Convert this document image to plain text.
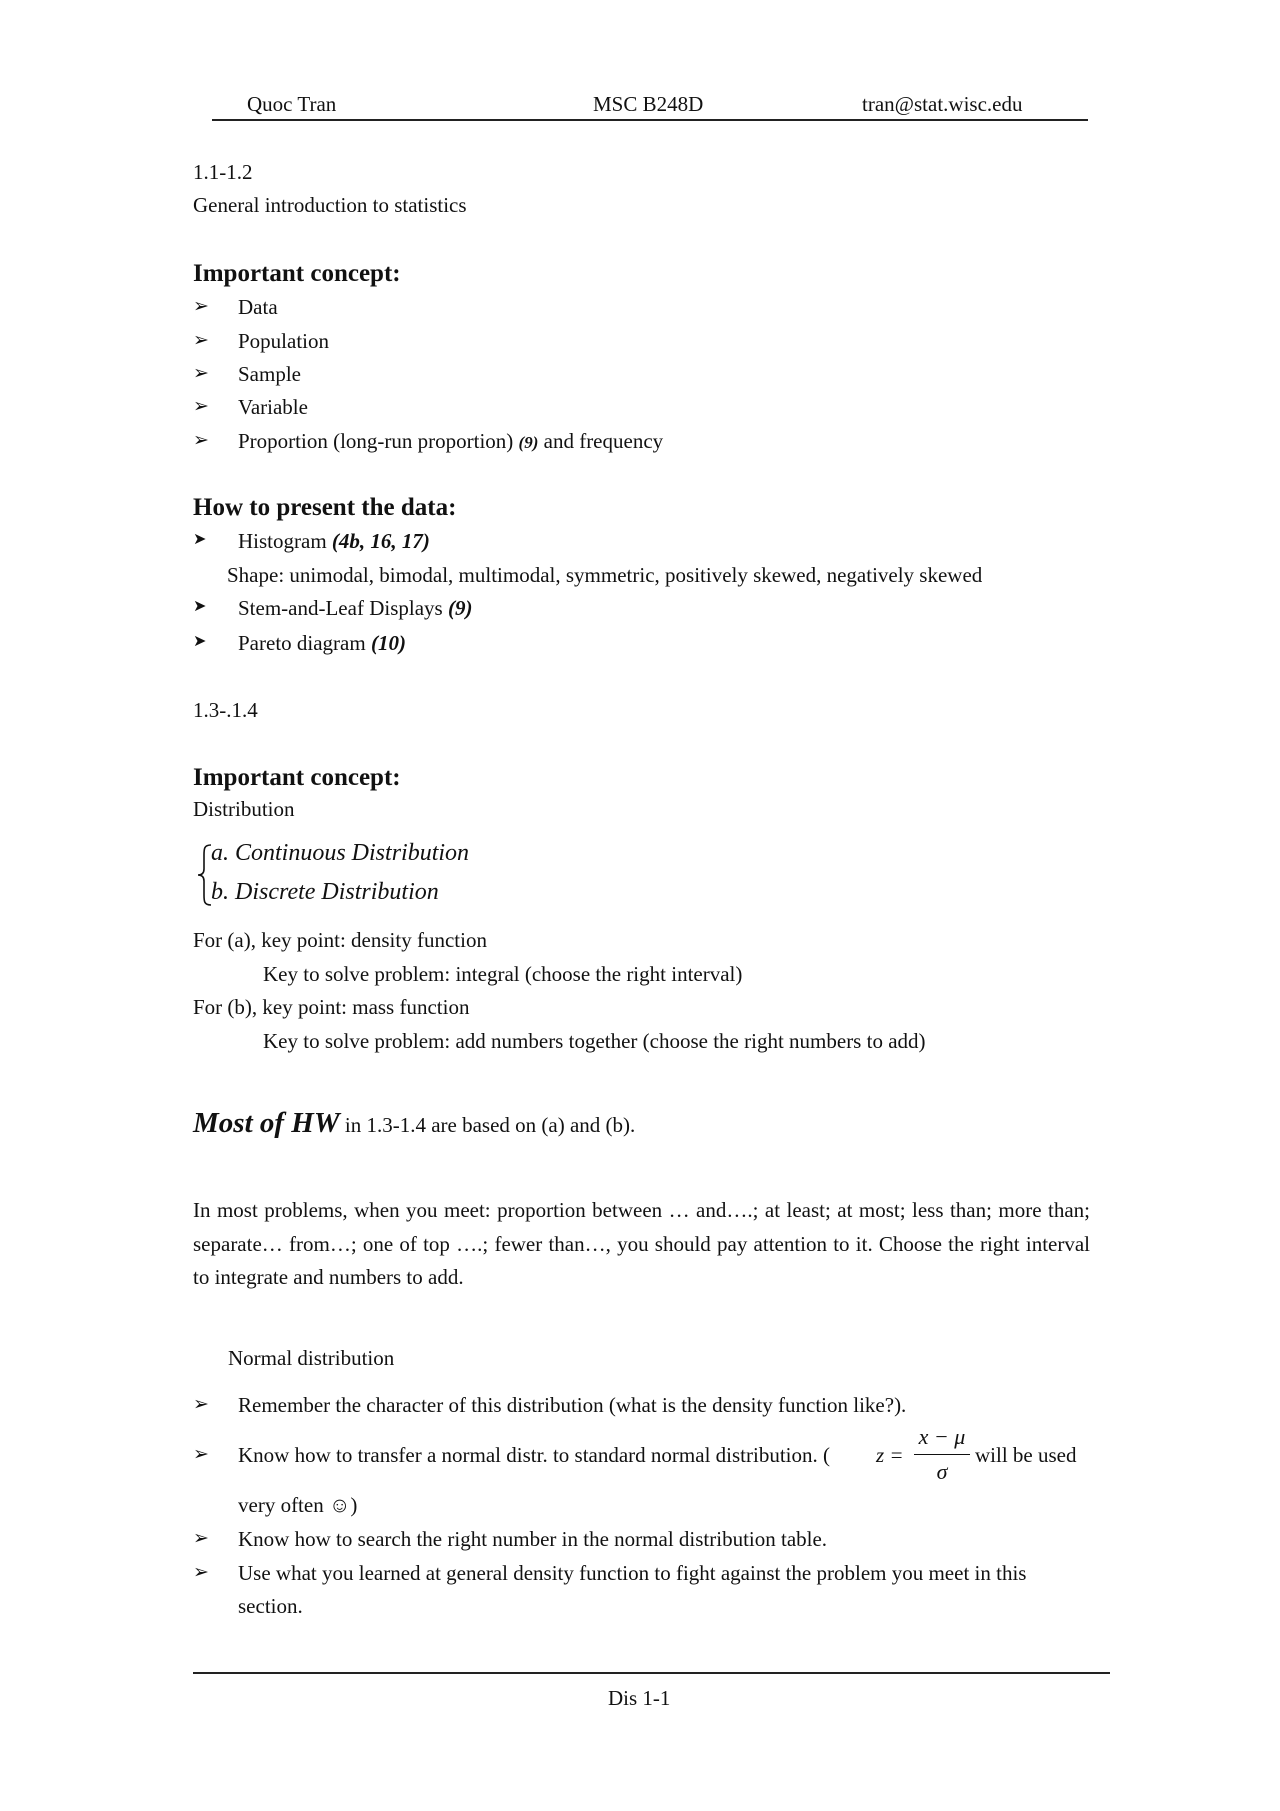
Quoc Tran	MSC B248D	tran@stat.wisc.edu
1.1-1.2
General introduction to statistics
Important concept:
➢ Data
➢ Population
➢ Sample
➢ Variable
➢ Proportion (long-run proportion) (9) and frequency
How to present the data:
➤	Histogram (4b, 16, 17)
Shape: unimodal, bimodal, multimodal, symmetric, positively skewed, negatively skewed
➤	Stem-and-Leaf Displays (9)
➤	Pareto diagram (10)
1.3-.1.4
Important concept:
Distribution
a. Continuous Distribution
b. Discrete Distribution
For (a), key point: density function
Key to solve problem: integral (choose the right interval)
For (b), key point: mass function
Key to solve problem: add numbers together (choose the right numbers to add)
Most of HW in 1.3-1.4 are based on (a) and (b).
In most problems, when you meet: proportion between … and….; at least; at most; less than; more than; separate… from…; one of top ….; fewer than…, you should pay attention to it. Choose the right interval to integrate and numbers to add.
Normal distribution
➢ Remember the character of this distribution (what is the density function like?).
➢ Know how to transfer a normal distr. to standard normal distribution. ( z =
x − μ
σ
will be used
very often ☺)
➢ Know how to search the right number in the normal distribution table.
➢ Use what you learned at general density function to fight against the problem you meet in this
section.
Dis 1-1
